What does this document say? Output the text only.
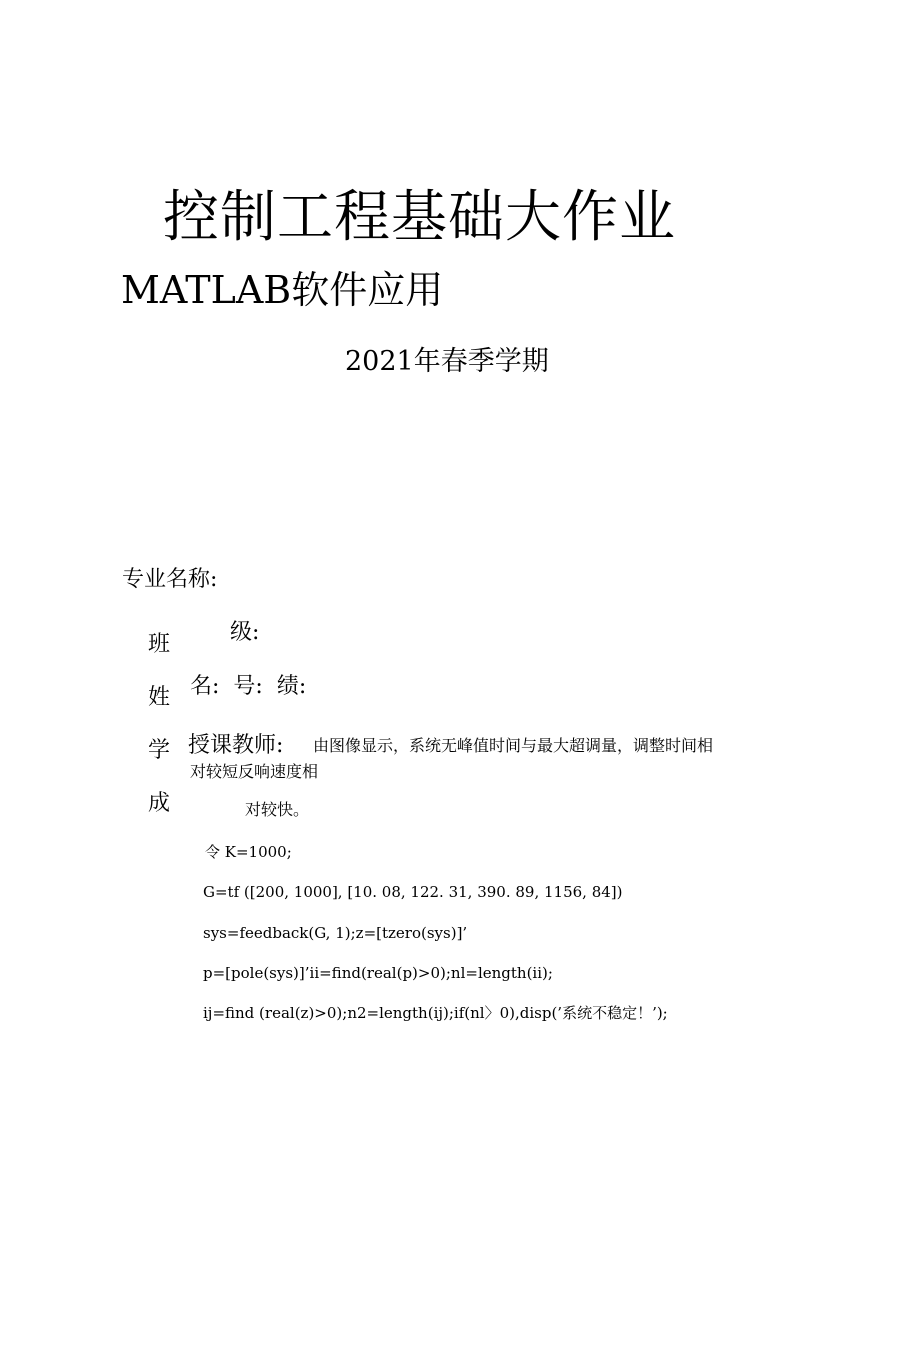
控制工程基础大作业
MATLAB软件应用
2021年春季学期
专业名称:
班
姓
学
成
级:
名: 号: 绩:
授课教师: 由图像显示，系统无峰值时间与最大超调量，调整时间相
对较短反响速度相
对较快。
令 K=1000;
G=tf ([200, 1000], [10. 08, 122. 31, 390. 89, 1156, 84])
sys=feedback(G, 1);z=[tzero(sys)]’
p=[pole(sys)]’ii=find(real(p)>0);nl=length(ii);
ij=find (real(z)>0);n2=length(ij);if(nl〉0),disp(’系统不稳定！’);
